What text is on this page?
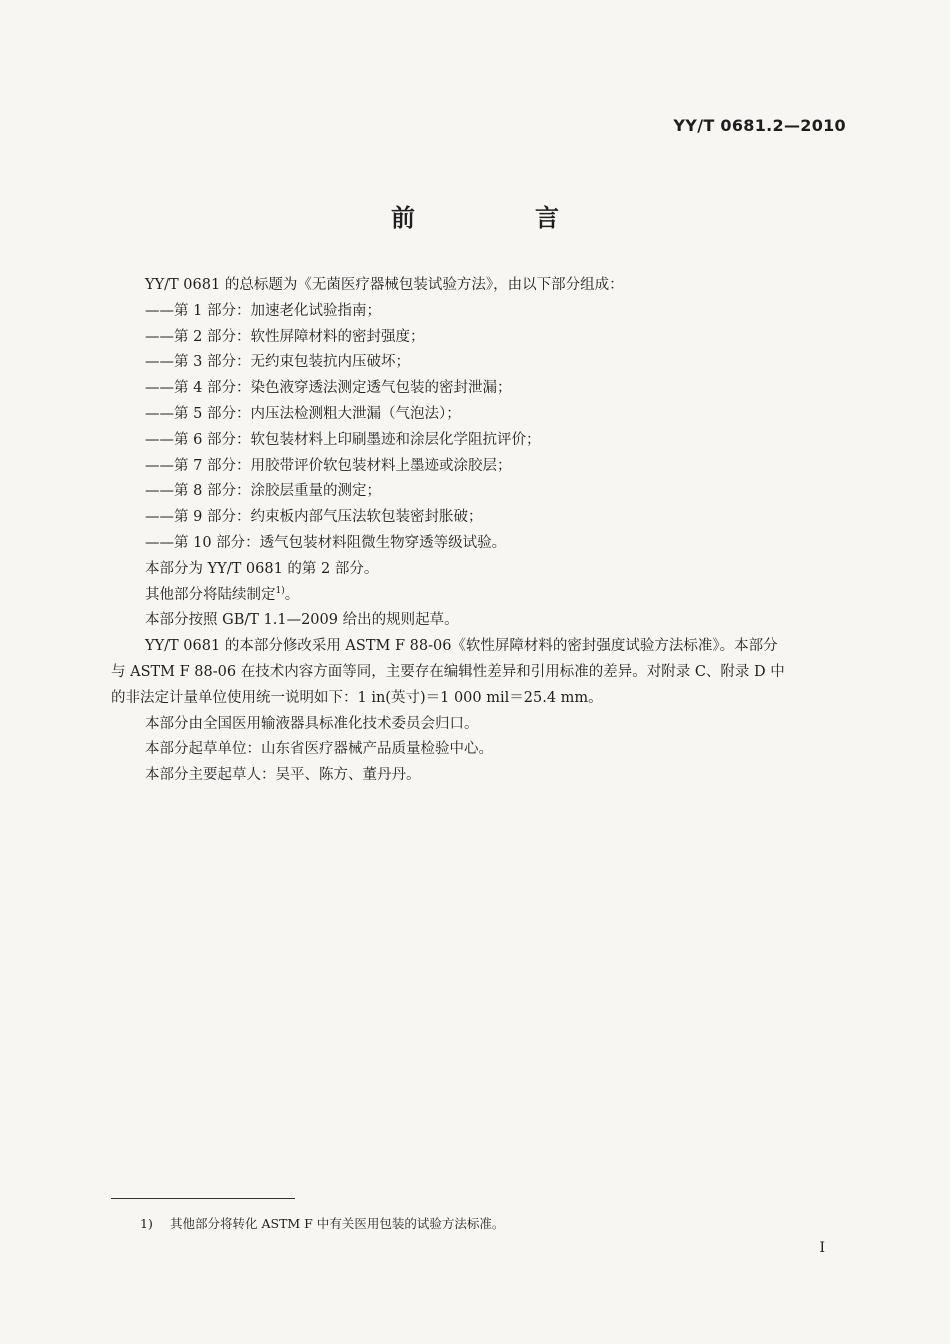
YY/T 0681.2—2010
前　言
YY/T 0681 的总标题为《无菌医疗器械包装试验方法》，由以下部分组成：
——第 1 部分：加速老化试验指南；
——第 2 部分：软性屏障材料的密封强度；
——第 3 部分：无约束包装抗内压破坏；
——第 4 部分：染色液穿透法测定透气包装的密封泄漏；
——第 5 部分：内压法检测粗大泄漏（气泡法）；
——第 6 部分：软包装材料上印刷墨迹和涂层化学阻抗评价；
——第 7 部分：用胶带评价软包装材料上墨迹或涂胶层；
——第 8 部分：涂胶层重量的测定；
——第 9 部分：约束板内部气压法软包装密封胀破；
——第 10 部分：透气包装材料阻微生物穿透等级试验。
本部分为 YY/T 0681 的第 2 部分。
其他部分将陆续制定$^{1)}$。
本部分按照 GB/T 1.1—2009 给出的规则起草。
YY/T 0681 的本部分修改采用 ASTM F 88-06《软性屏障材料的密封强度试验方法标准》。本部分
与 ASTM F 88-06 在技术内容方面等同，主要存在编辑性差异和引用标准的差异。对附录 C、附录 D 中
的非法定计量单位使用统一说明如下：1 in(英寸)＝1 000 mil＝25.4 mm。
本部分由全国医用输液器具标准化技术委员会归口。
本部分起草单位：山东省医疗器械产品质量检验中心。
本部分主要起草人：吴平、陈方、董丹丹。
1) 其他部分将转化 ASTM F 中有关医用包装的试验方法标准。
I
